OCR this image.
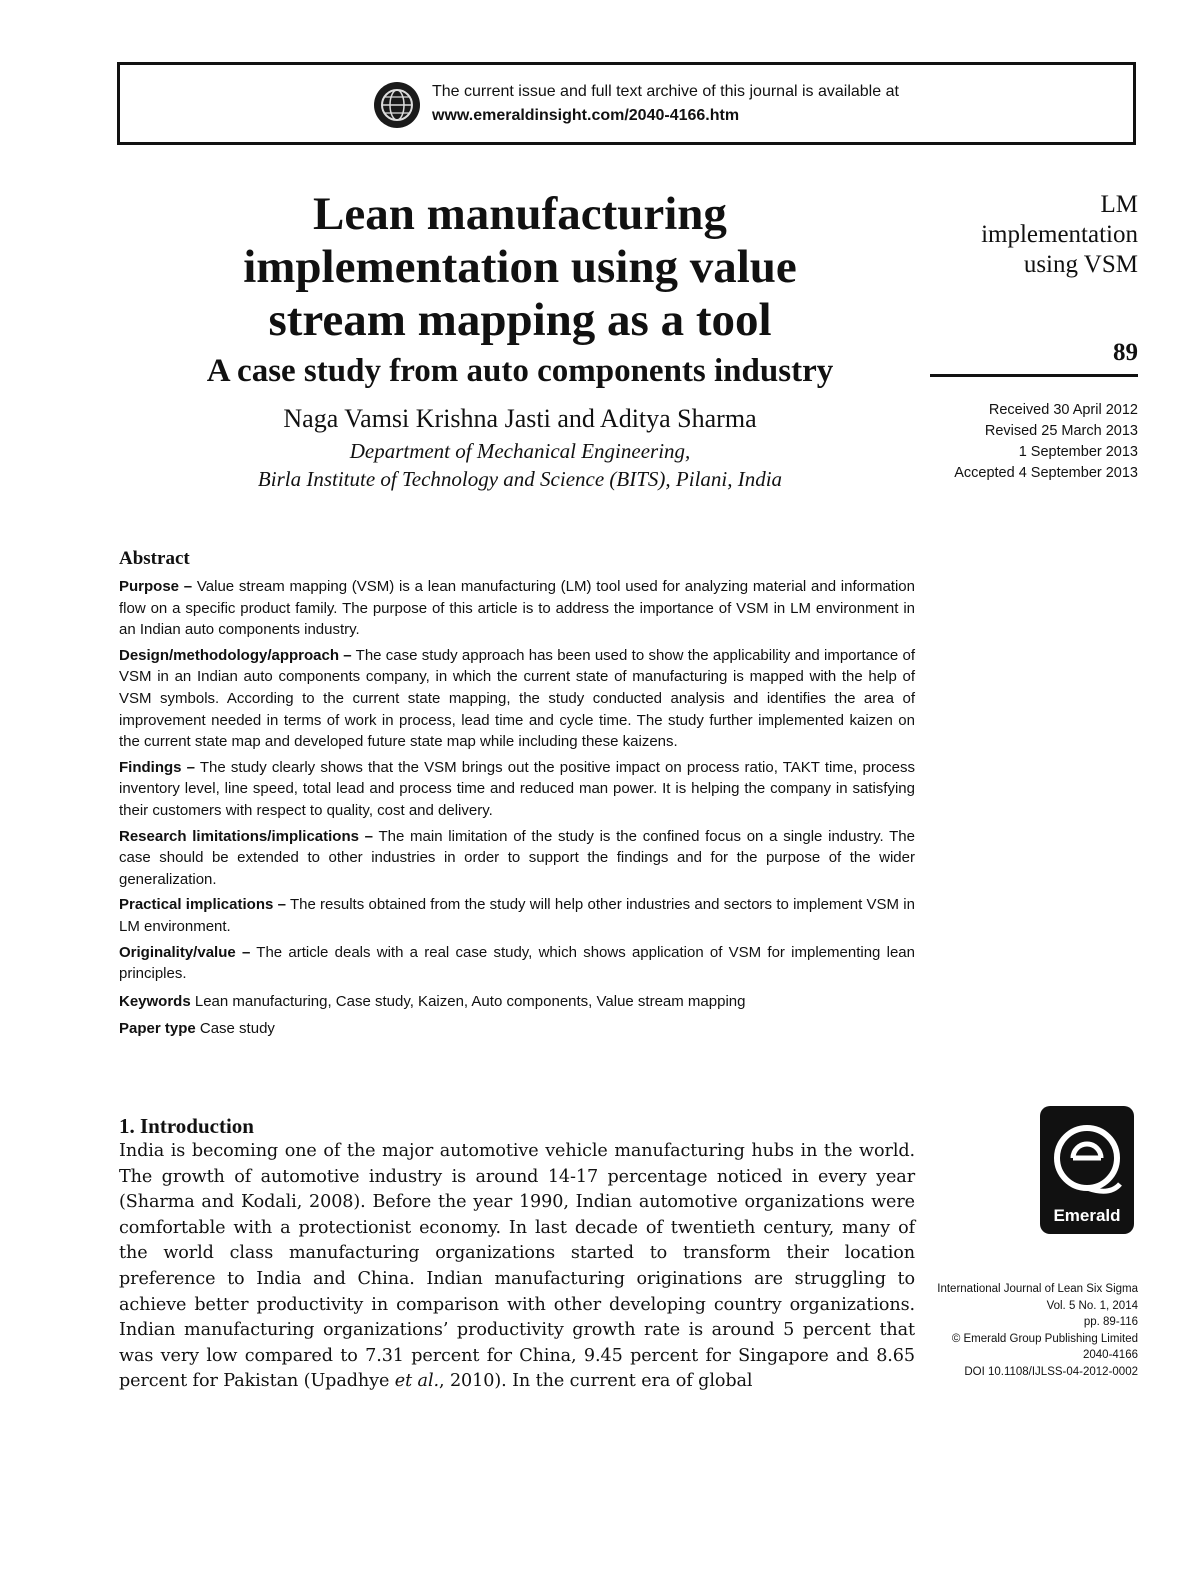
The current issue and full text archive of this journal is available at
www.emeraldinsight.com/2040-4166.htm
Lean manufacturing
implementation using value
stream mapping as a tool
A case study from auto components industry
Naga Vamsi Krishna Jasti and Aditya Sharma
Department of Mechanical Engineering,
Birla Institute of Technology and Science (BITS), Pilani, India
LM
implementation
using VSM
89
Received 30 April 2012
Revised 25 March 2013
1 September 2013
Accepted 4 September 2013
Abstract

Purpose – Value stream mapping (VSM) is a lean manufacturing (LM) tool used for analyzing material and information flow on a specific product family. The purpose of this article is to address the importance of VSM in LM environment in an Indian auto components industry.

Design/methodology/approach – The case study approach has been used to show the applicability and importance of VSM in an Indian auto components company, in which the current state of manufacturing is mapped with the help of VSM symbols. According to the current state mapping, the study conducted analysis and identifies the area of improvement needed in terms of work in process, lead time and cycle time. The study further implemented kaizen on the current state map and developed future state map while including these kaizens.

Findings – The study clearly shows that the VSM brings out the positive impact on process ratio, TAKT time, process inventory level, line speed, total lead and process time and reduced man power. It is helping the company in satisfying their customers with respect to quality, cost and delivery.

Research limitations/implications – The main limitation of the study is the confined focus on a single industry. The case should be extended to other industries in order to support the findings and for the purpose of the wider generalization.

Practical implications – The results obtained from the study will help other industries and sectors to implement VSM in LM environment.

Originality/value – The article deals with a real case study, which shows application of VSM for implementing lean principles.

Keywords Lean manufacturing, Case study, Kaizen, Auto components, Value stream mapping

Paper type Case study

1. Introduction

India is becoming one of the major automotive vehicle manufacturing hubs in the world. The growth of automotive industry is around 14-17 percentage noticed in every year (Sharma and Kodali, 2008). Before the year 1990, Indian automotive organizations were comfortable with a protectionist economy. In last decade of twentieth century, many of the world class manufacturing organizations started to transform their location preference to India and China. Indian manufacturing originations are struggling to achieve better productivity in comparison with other developing country organizations. Indian manufacturing organizations’ productivity growth rate is around 5 percent that was very low compared to 7.31 percent for China, 9.45 percent for Singapore and 8.65 percent for Pakistan (Upadhye et al., 2010). In the current era of global

Emerald
International Journal of Lean Six Sigma
Vol. 5 No. 1, 2014
pp. 89-116
© Emerald Group Publishing Limited
2040-4166
DOI 10.1108/IJLSS-04-2012-0002
